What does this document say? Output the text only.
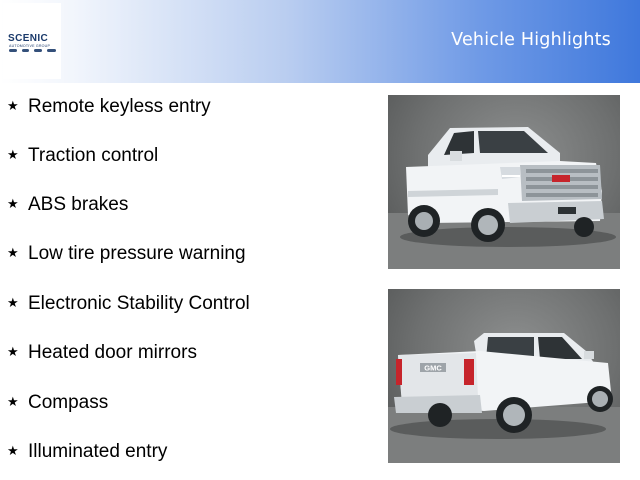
SCENIC
AUTOMOTIVE GROUP	Vehicle Highlights
★ Remote keyless entry
★ Traction control
★ ABS brakes
★ Low tire pressure warning
★ Electronic Stability Control
★ Heated door mirrors
★ Compass
★ Illuminated entry
GMC
